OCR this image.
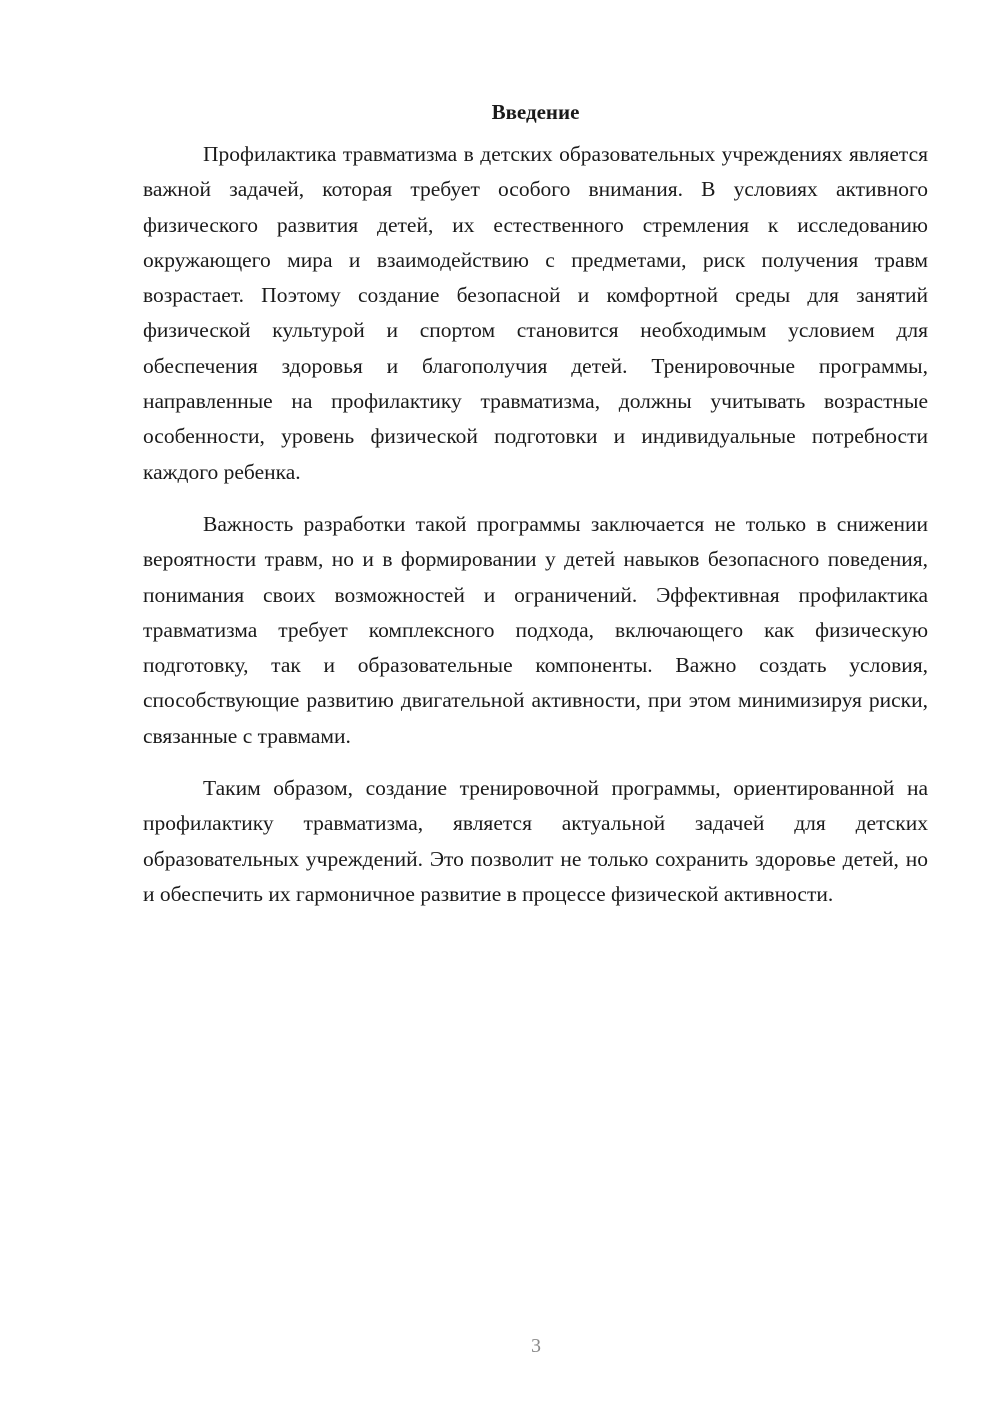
Введение

Профилактика травматизма в детских образовательных учреждениях является важной задачей, которая требует особого внимания. В условиях активного физического развития детей, их естественного стремления к исследованию окружающего мира и взаимодействию с предметами, риск получения травм возрастает. Поэтому создание безопасной и комфортной среды для занятий физической культурой и спортом становится необходимым условием для обеспечения здоровья и благополучия детей. Тренировочные программы, направленные на профилактику травматизма, должны учитывать возрастные особенности, уровень физической подготовки и индивидуальные потребности каждого ребенка.

Важность разработки такой программы заключается не только в снижении вероятности травм, но и в формировании у детей навыков безопасного поведения, понимания своих возможностей и ограничений. Эффективная профилактика травматизма требует комплексного подхода, включающего как физическую подготовку, так и образовательные компоненты. Важно создать условия, способствующие развитию двигательной активности, при этом минимизируя риски, связанные с травмами.

Таким образом, создание тренировочной программы, ориентированной на профилактику травматизма, является актуальной задачей для детских образовательных учреждений. Это позволит не только сохранить здоровье детей, но и обеспечить их гармоничное развитие в процессе физической активности.

3
